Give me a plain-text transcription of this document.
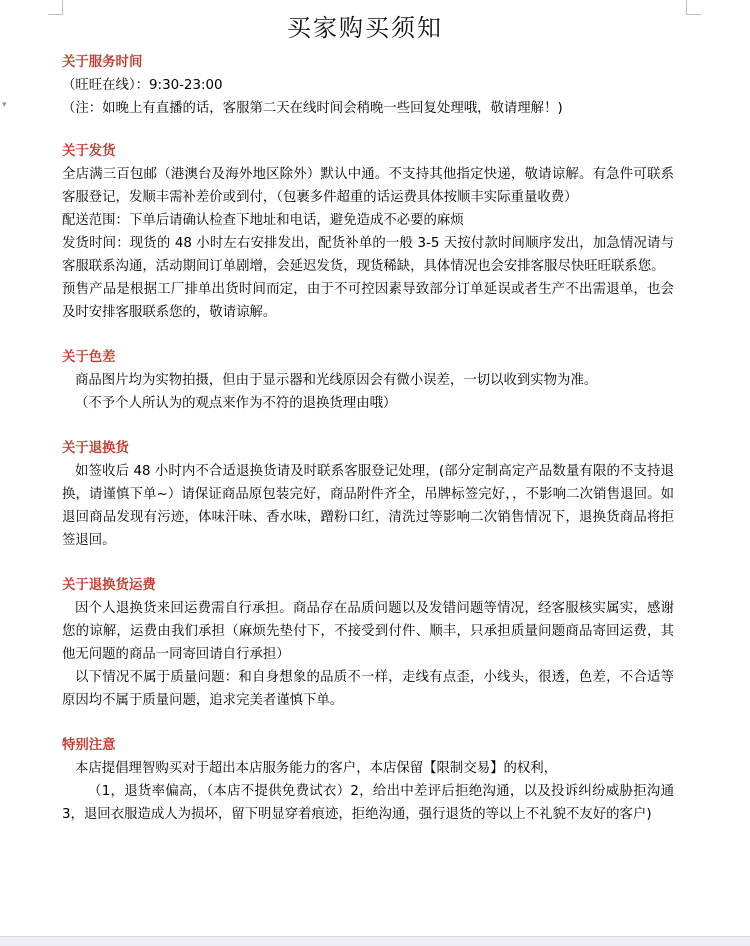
▾
买家购买须知
关于服务时间

（旺旺在线）：9:30-23:00

（注：如晚上有直播的话，客服第二天在线时间会稍晚一些回复处理哦，敬请理解！)

关于发货

全店满三百包邮（港澳台及海外地区除外）默认中通。不支持其他指定快递，敬请谅解。有急件可联系客服登记，发顺丰需补差价或到付，（包裹多件超重的话运费具体按顺丰实际重量收费）

配送范围：下单后请确认检查下地址和电话，避免造成不必要的麻烦

发货时间：现货的 48 小时左右安排发出，配货补单的一般 3-5 天按付款时间顺序发出，加急情况请与客服联系沟通，活动期间订单剧增，会延迟发货，现货稀缺，具体情况也会安排客服尽快旺旺联系您。

预售产品是根据工厂排单出货时间而定，由于不可控因素导致部分订单延误或者生产不出需退单，也会及时安排客服联系您的，敬请谅解。

关于色差

商品图片均为实物拍摄，但由于显示器和光线原因会有微小误差，一切以收到实物为准。

（不予个人所认为的观点来作为不符的退换货理由哦）

关于退换货

如签收后 48 小时内不合适退换货请及时联系客服登记处理，(部分定制高定产品数量有限的不支持退换，请谨慎下单~）请保证商品原包装完好，商品附件齐全，吊牌标签完好，，不影响二次销售退回。如退回商品发现有污迹，体味汗味、香水味，蹭粉口红，清洗过等影响二次销售情况下，退换货商品将拒签退回。

关于退换货运费

因个人退换货来回运费需自行承担。商品存在品质问题以及发错问题等情况，经客服核实属实，感谢您的谅解，运费由我们承担（麻烦先垫付下，不接受到付件、顺丰，只承担质量问题商品寄回运费，其他无问题的商品一同寄回请自行承担）

以下情况不属于质量问题：和自身想象的品质不一样，走线有点歪，小线头，很透，色差，不合适等原因均不属于质量问题，追求完美者谨慎下单。

特别注意

本店提倡理智购买对于超出本店服务能力的客户，本店保留【限制交易】的权利，

（1，退货率偏高，（本店不提供免费试衣）2，给出中差评后拒绝沟通，以及投诉纠纷威胁拒沟通 3，退回衣服造成人为损坏，留下明显穿着痕迹，拒绝沟通，强行退货的等以上不礼貌不友好的客户)
